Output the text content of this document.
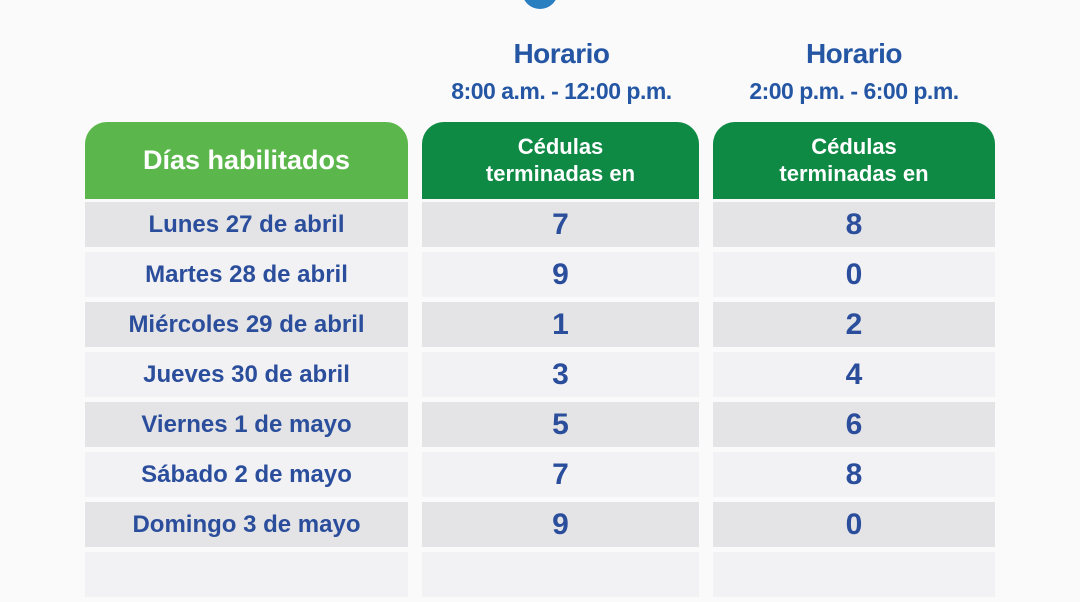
Horario
8:00 a.m. - 12:00 p.m.
Horario
2:00 p.m. - 6:00 p.m.
Días habilitados
Lunes 27 de abril
Martes 28 de abril
Miércoles 29 de abril
Jueves 30 de abril
Viernes 1 de mayo
Sábado 2 de mayo
Domingo 3 de mayo
Cédulas
terminadas en
7
9
1
3
5
7
9
Cédulas
terminadas en
8
0
2
4
6
8
0
